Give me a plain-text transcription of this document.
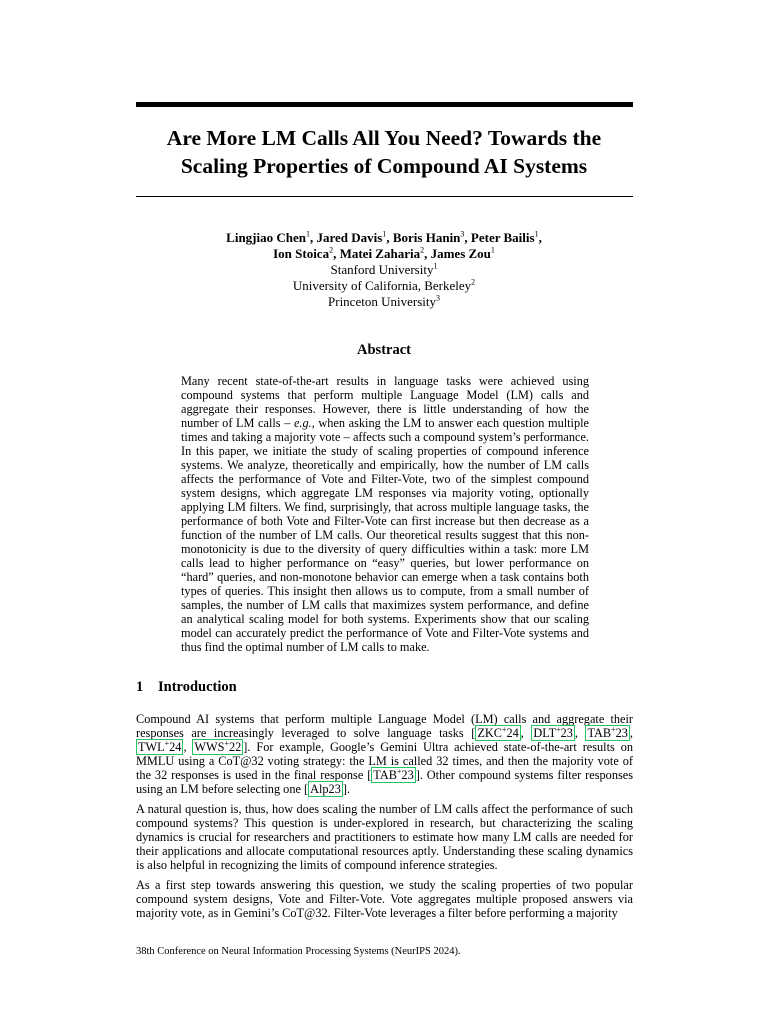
Are More LM Calls All You Need? Towards the
Scaling Properties of Compound AI Systems
Lingjiao Chen$^1$, Jared Davis$^1$, Boris Hanin$^3$, Peter Bailis$^1$,
Ion Stoica$^2$, Matei Zaharia$^2$, James Zou$^1$
Stanford University$^1$
University of California, Berkeley$^2$
Princeton University$^3$
Abstract

Many recent state-of-the-art results in language tasks were achieved using compound systems that perform multiple Language Model (LM) calls and aggregate their responses. However, there is little understanding of how the number of LM calls – e.g., when asking the LM to answer each question multiple times and taking a majority vote – affects such a compound system’s performance. In this paper, we initiate the study of scaling properties of compound inference systems. We analyze, theoretically and empirically, how the number of LM calls affects the performance of Vote and Filter-Vote, two of the simplest compound system designs, which aggregate LM responses via majority voting, optionally applying LM filters. We find, surprisingly, that across multiple language tasks, the performance of both Vote and Filter-Vote can first increase but then decrease as a function of the number of LM calls. Our theoretical results suggest that this non-monotonicity is due to the diversity of query difficulties within a task: more LM calls lead to higher performance on “easy” queries, but lower performance on “hard” queries, and non-monotone behavior can emerge when a task contains both types of queries. This insight then allows us to compute, from a small number of samples, the number of LM calls that maximizes system performance, and define an analytical scaling model for both systems. Experiments show that our scaling model can accurately predict the performance of Vote and Filter-Vote systems and thus find the optimal number of LM calls to make.

1 Introduction

Compound AI systems that perform multiple Language Model (LM) calls and aggregate their responses are increasingly leveraged to solve language tasks [ ZKC+24 , DLT+23 , TAB+23 , TWL+24 , WWS+22 ]. For example, Google’s Gemini Ultra achieved state-of-the-art results on MMLU using a CoT@32 voting strategy: the LM is called 32 times, and then the majority vote of the 32 responses is used in the final response [ TAB+23 ]. Other compound systems filter responses using an LM before selecting one [ Alp23 ].

A natural question is, thus, how does scaling the number of LM calls affect the performance of such compound systems? This question is under-explored in research, but characterizing the scaling dynamics is crucial for researchers and practitioners to estimate how many LM calls are needed for their applications and allocate computational resources aptly. Understanding these scaling dynamics is also helpful in recognizing the limits of compound inference strategies.

As a first step towards answering this question, we study the scaling properties of two popular compound system designs, Vote and Filter-Vote. Vote aggregates multiple proposed answers via majority vote, as in Gemini’s CoT@32. Filter-Vote leverages a filter before performing a majority

38th Conference on Neural Information Processing Systems (NeurIPS 2024).
